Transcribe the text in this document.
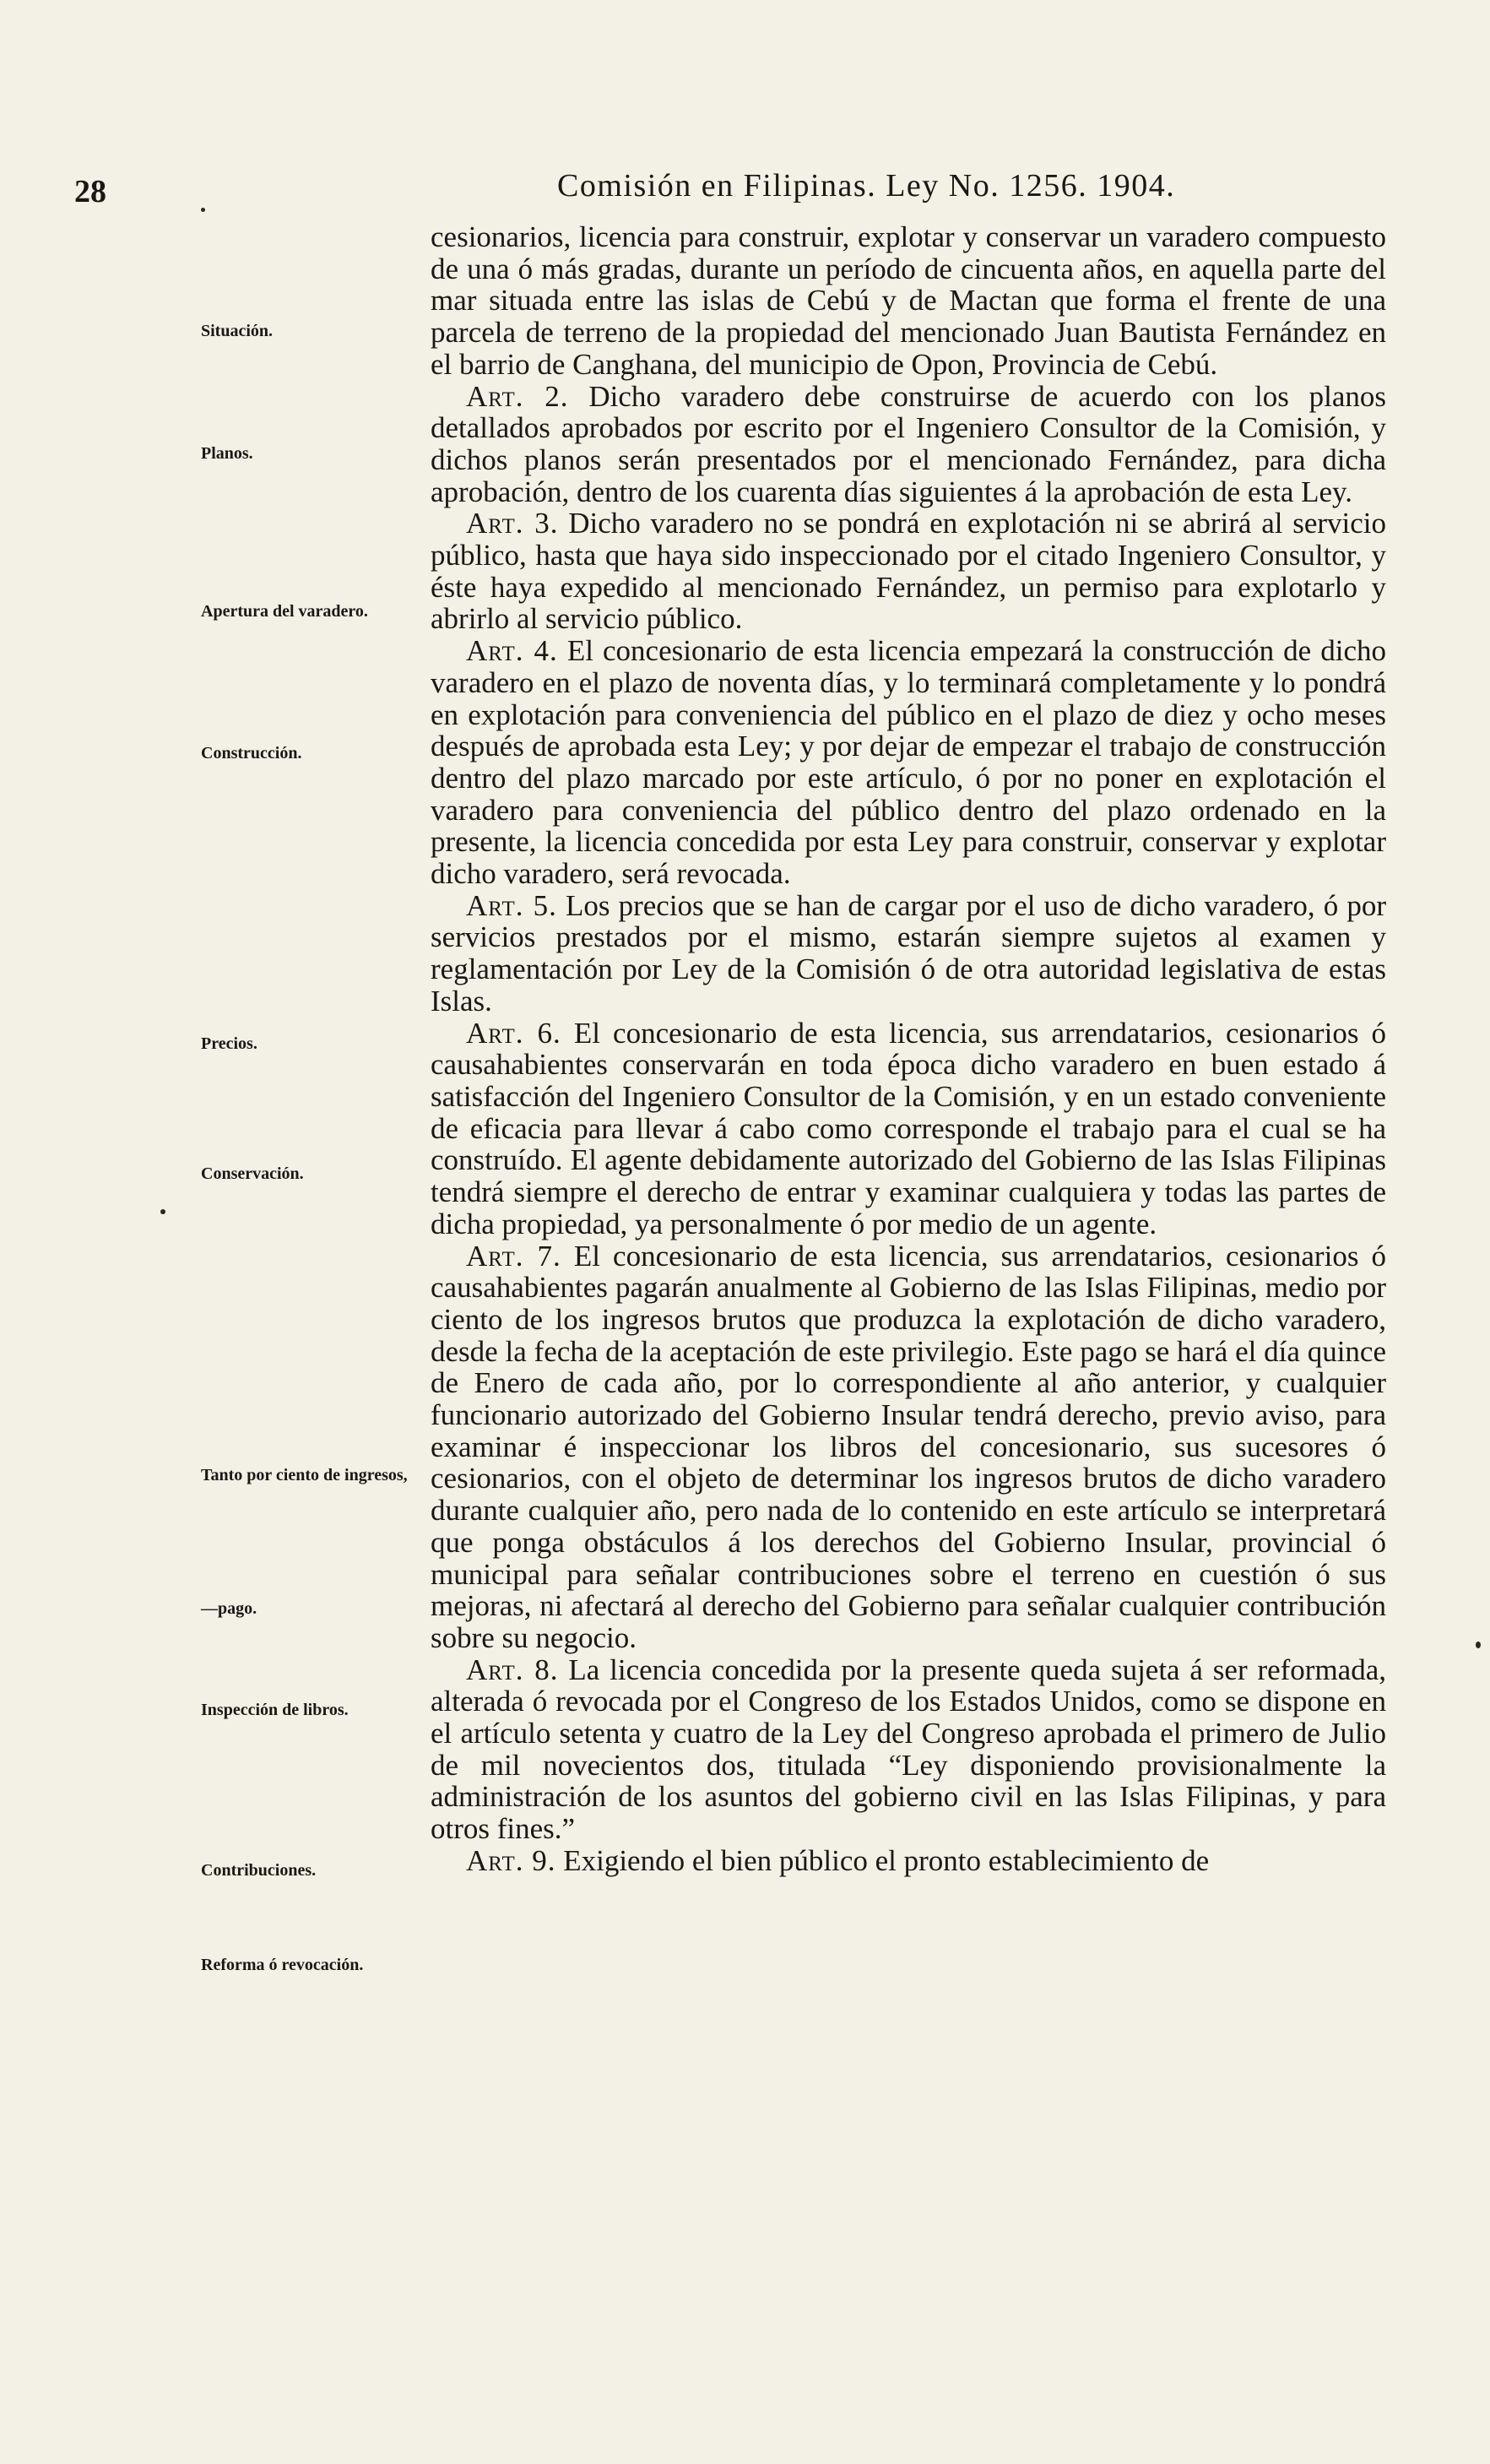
28	Comisión en Filipinas. Ley No. 1256. 1904.
Situación.
Planos.
Apertura del varadero.
Construcción.
Precios.
Conservación.
Tanto por ciento de ingresos,
—pago.
Inspección de libros.
Contribuciones.
Reforma ó revocación.

cesionarios, licencia para construir, explotar y conservar un varadero compuesto de una ó más gradas, durante un período de cincuenta años, en aquella parte del mar situada entre las islas de Cebú y de Mactan que forma el frente de una parcela de terreno de la propiedad del mencionado Juan Bautista Fernández en el barrio de Canghana, del municipio de Opon, Provincia de Cebú.

Art. 2. Dicho varadero debe construirse de acuerdo con los planos detallados aprobados por escrito por el Ingeniero Consultor de la Comisión, y dichos planos serán presentados por el mencionado Fernández, para dicha aprobación, dentro de los cuarenta días siguientes á la aprobación de esta Ley.

Art. 3. Dicho varadero no se pondrá en explotación ni se abrirá al servicio público, hasta que haya sido inspeccionado por el citado Ingeniero Consultor, y éste haya expedido al mencionado Fernández, un permiso para explotarlo y abrirlo al servicio público.

Art. 4. El concesionario de esta licencia empezará la construcción de dicho varadero en el plazo de noventa días, y lo terminará completamente y lo pondrá en explotación para conveniencia del público en el plazo de diez y ocho meses después de aprobada esta Ley; y por dejar de empezar el trabajo de construcción dentro del plazo marcado por este artículo, ó por no poner en explotación el varadero para conveniencia del público dentro del plazo ordenado en la presente, la licencia concedida por esta Ley para construir, conservar y explotar dicho varadero, será revocada.

Art. 5. Los precios que se han de cargar por el uso de dicho varadero, ó por servicios prestados por el mismo, estarán siempre sujetos al examen y reglamentación por Ley de la Comisión ó de otra autoridad legislativa de estas Islas.

Art. 6. El concesionario de esta licencia, sus arrendatarios, cesionarios ó causahabientes conservarán en toda época dicho varadero en buen estado á satisfacción del Ingeniero Consultor de la Comisión, y en un estado conveniente de eficacia para llevar á cabo como corresponde el trabajo para el cual se ha construído. El agente debidamente autorizado del Gobierno de las Islas Filipinas tendrá siempre el derecho de entrar y examinar cualquiera y todas las partes de dicha propiedad, ya personalmente ó por medio de un agente.

Art. 7. El concesionario de esta licencia, sus arrendatarios, cesionarios ó causahabientes pagarán anualmente al Gobierno de las Islas Filipinas, medio por ciento de los ingresos brutos que produzca la explotación de dicho varadero, desde la fecha de la aceptación de este privilegio. Este pago se hará el día quince de Enero de cada año, por lo correspondiente al año anterior, y cualquier funcionario autorizado del Gobierno Insular tendrá derecho, previo aviso, para examinar é inspeccionar los libros del concesionario, sus sucesores ó cesionarios, con el objeto de determinar los ingresos brutos de dicho varadero durante cualquier año, pero nada de lo contenido en este artículo se interpretará que ponga obstáculos á los derechos del Gobierno Insular, provincial ó municipal para señalar contribuciones sobre el terreno en cuestión ó sus mejoras, ni afectará al derecho del Gobierno para señalar cualquier contribución sobre su negocio.

Art. 8. La licencia concedida por la presente queda sujeta á ser reformada, alterada ó revocada por el Congreso de los Estados Unidos, como se dispone en el artículo setenta y cuatro de la Ley del Congreso aprobada el primero de Julio de mil novecientos dos, titulada “Ley disponiendo provisionalmente la administración de los asuntos del gobierno civil en las Islas Filipinas, y para otros fines.”

Art. 9. Exigiendo el bien público el pronto establecimiento de
